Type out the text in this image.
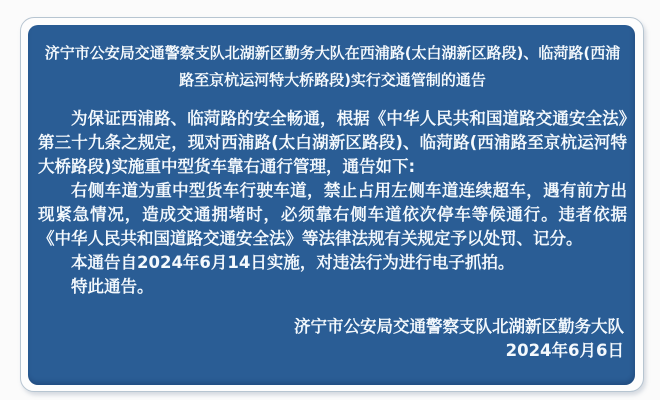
济宁市公安局交通警察支队北湖新区勤务大队在西浦路(太白湖新区路段)、临菏路(西浦路至京杭运河特大桥路段)实行交通管制的通告

为保证西浦路、临菏路的安全畅通，根据《中华人民共和国道路交通安全法》第三十九条之规定，现对西浦路(太白湖新区路段)、临菏路(西浦路至京杭运河特大桥路段)实施重中型货车靠右通行管理，通告如下:

右侧车道为重中型货车行驶车道，禁止占用左侧车道连续超车，遇有前方出现紧急情况，造成交通拥堵时，必须靠右侧车道依次停车等候通行。违者依据《中华人民共和国道路交通安全法》等法律法规有关规定予以处罚、记分。

本通告自2024年6月14日实施，对违法行为进行电子抓拍。

特此通告。

济宁市公安局交通警察支队北湖新区勤务大队
2024年6月6日
